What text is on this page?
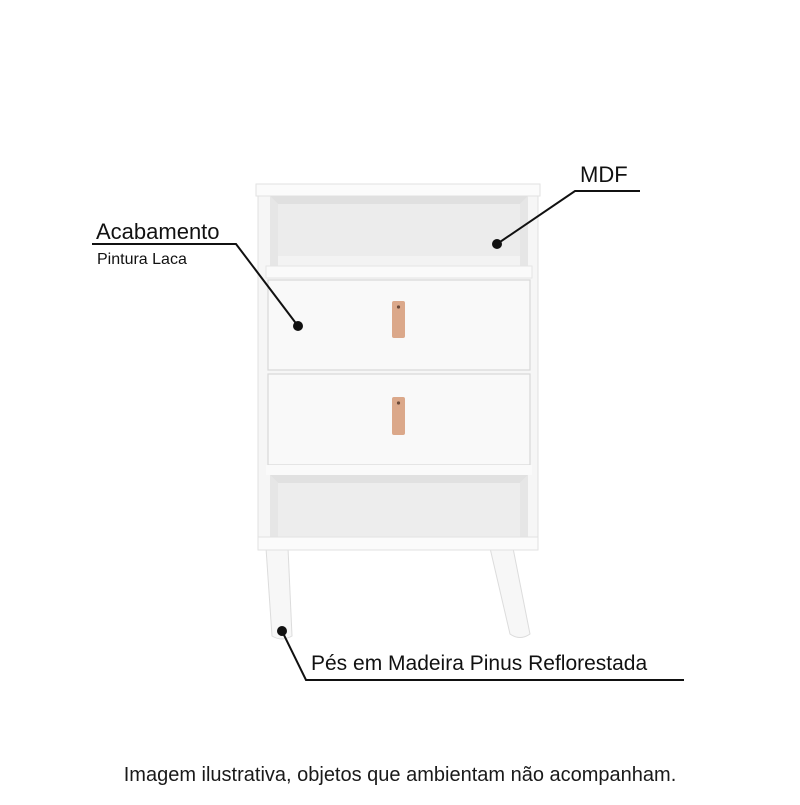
MDF
Acabamento
Pintura Laca
Pés em Madeira Pinus Reflorestada
Imagem ilustrativa, objetos que ambientam não acompanham.
